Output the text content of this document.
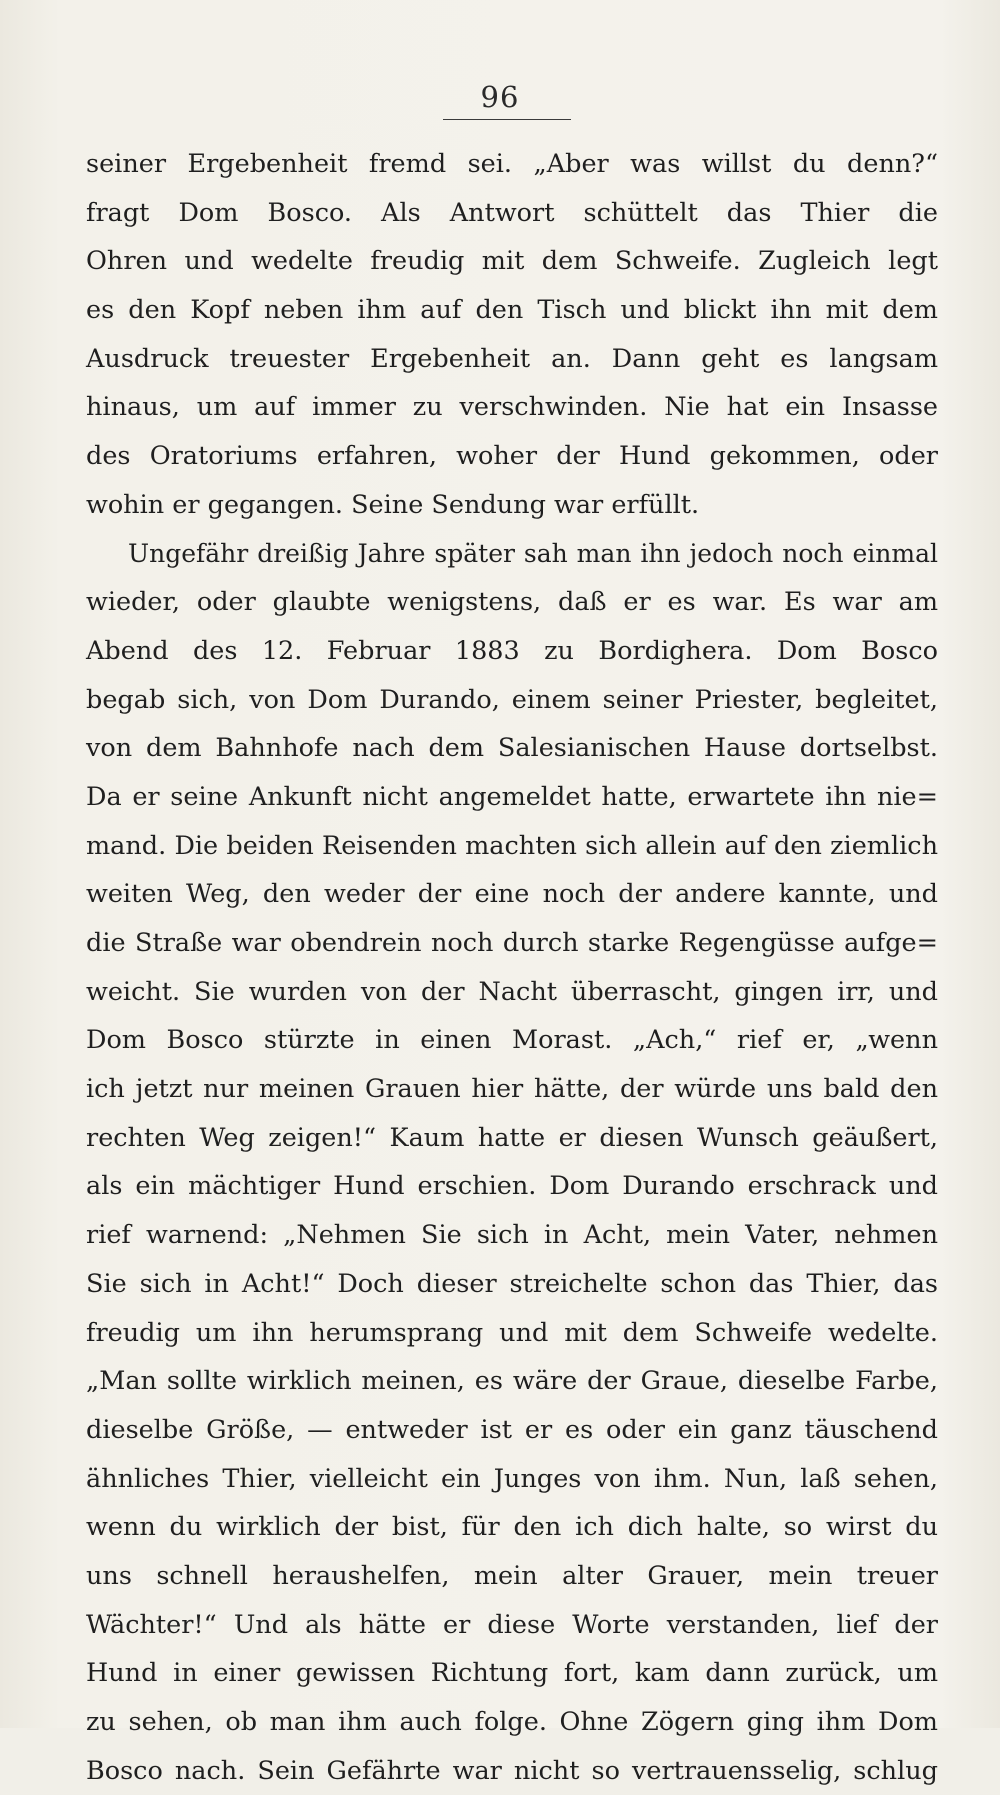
96
seiner Ergebenheit fremd sei. „Aber was willst du denn?“
fragt Dom Bosco. Als Antwort schüttelt das Thier die
Ohren und wedelte freudig mit dem Schweife. Zugleich legt
es den Kopf neben ihm auf den Tisch und blickt ihn mit dem
Ausdruck treuester Ergebenheit an. Dann geht es langsam
hinaus, um auf immer zu verschwinden. Nie hat ein Insasse
des Oratoriums erfahren, woher der Hund gekommen, oder
wohin er gegangen. Seine Sendung war erfüllt.
Ungefähr dreißig Jahre später sah man ihn jedoch noch einmal
wieder, oder glaubte wenigstens, daß er es war. Es war am
Abend des 12. Februar 1883 zu Bordighera. Dom Bosco
begab sich, von Dom Durando, einem seiner Priester, begleitet,
von dem Bahnhofe nach dem Salesianischen Hause dortselbst.
Da er seine Ankunft nicht angemeldet hatte, erwartete ihn nie=
mand. Die beiden Reisenden machten sich allein auf den ziemlich
weiten Weg, den weder der eine noch der andere kannte, und
die Straße war obendrein noch durch starke Regengüsse aufge=
weicht. Sie wurden von der Nacht überrascht, gingen irr, und
Dom Bosco stürzte in einen Morast. „Ach,“ rief er, „wenn
ich jetzt nur meinen Grauen hier hätte, der würde uns bald den
rechten Weg zeigen!“ Kaum hatte er diesen Wunsch geäußert,
als ein mächtiger Hund erschien. Dom Durando erschrack und
rief warnend: „Nehmen Sie sich in Acht, mein Vater, nehmen
Sie sich in Acht!“ Doch dieser streichelte schon das Thier, das
freudig um ihn herumsprang und mit dem Schweife wedelte.
„Man sollte wirklich meinen, es wäre der Graue, dieselbe Farbe,
dieselbe Größe, — entweder ist er es oder ein ganz täuschend
ähnliches Thier, vielleicht ein Junges von ihm. Nun, laß sehen,
wenn du wirklich der bist, für den ich dich halte, so wirst du
uns schnell heraushelfen, mein alter Grauer, mein treuer
Wächter!“ Und als hätte er diese Worte verstanden, lief der
Hund in einer gewissen Richtung fort, kam dann zurück, um
zu sehen, ob man ihm auch folge. Ohne Zögern ging ihm Dom
Bosco nach. Sein Gefährte war nicht so vertrauensselig, schlug
